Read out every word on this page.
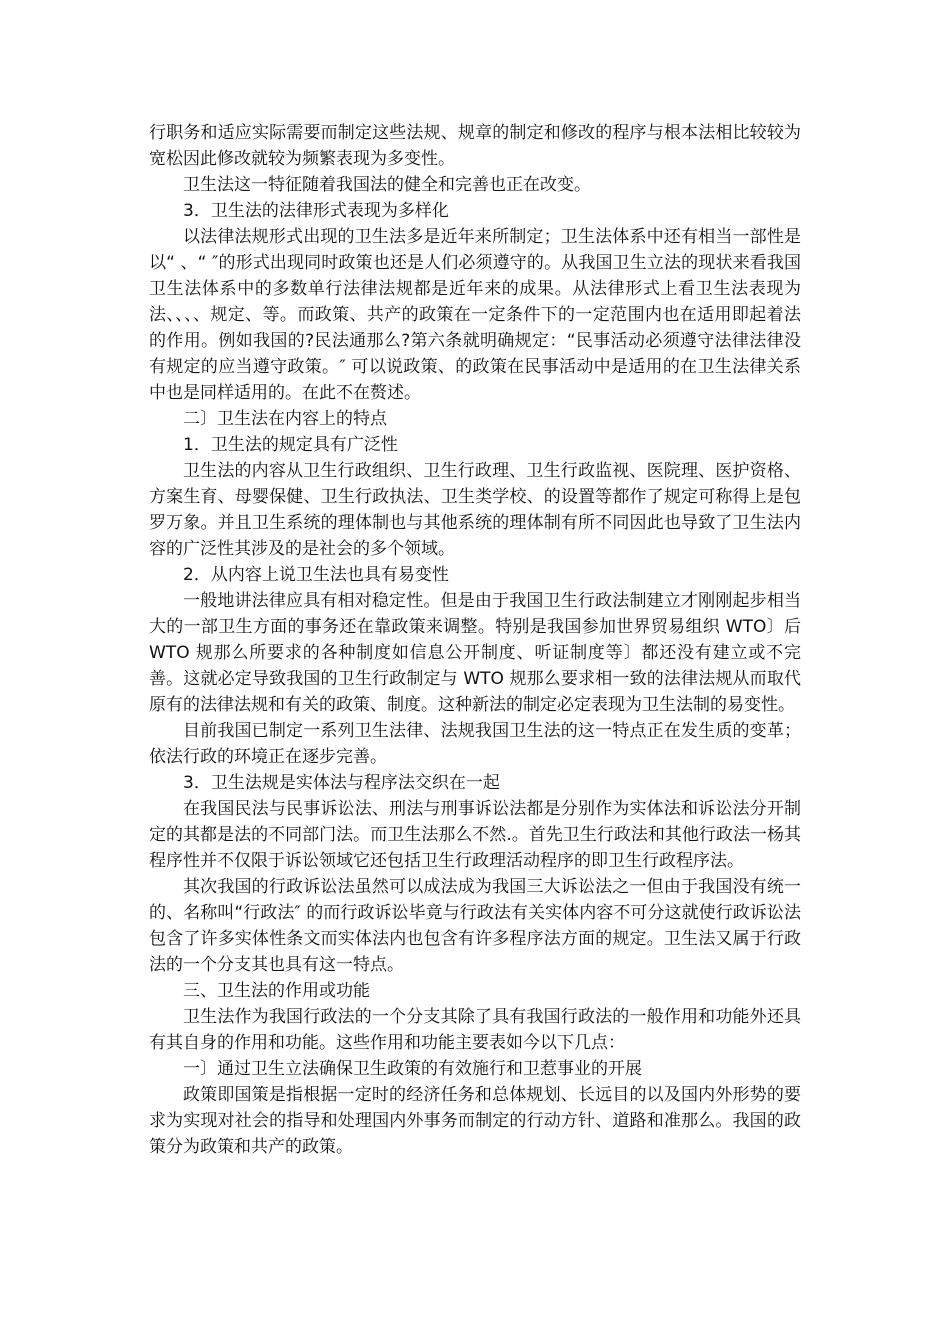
行职务和适应实际需要而制定这些法规、规章的制定和修改的程序与根本法相比较较为宽松因此修改就较为频繁表现为多变性。

卫生法这一特征随着我国法的健全和完善也正在改变。

3．卫生法的法律形式表现为多样化

以法律法规形式出现的卫生法多是近年来所制定；卫生法体系中还有相当一部性是以“ 、“ ″的形式出现同时政策也还是人们必须遵守的。从我国卫生立法的现状来看我国卫生法体系中的多数单行法律法规都是近年来的成果。从法律形式上看卫生法表现为法、、、、规定、等。而政策、共产的政策在一定条件下的一定范围内也在适用即起着法的作用。例如我国的?民法通那么?第六条就明确规定：“民事活动必须遵守法律法律没有规定的应当遵守政策。″ 可以说政策、的政策在民事活动中是适用的在卫生法律关系中也是同样适用的。在此不在赘述。

二〕卫生法在内容上的特点

1．卫生法的规定具有广泛性

卫生法的内容从卫生行政组织、卫生行政理、卫生行政监视、医院理、医护资格、方案生育、母婴保健、卫生行政执法、卫生类学校、的设置等都作了规定可称得上是包罗万象。并且卫生系统的理体制也与其他系统的理体制有所不同因此也导致了卫生法内容的广泛性其涉及的是社会的多个领域。

2．从内容上说卫生法也具有易变性

一般地讲法律应具有相对稳定性。但是由于我国卫生行政法制建立才刚刚起步相当大的一部卫生方面的事务还在靠政策来调整。特别是我国参加世界贸易组织 WTO〕后 WTO 规那么所要求的各种制度如信息公开制度、听证制度等〕都还没有建立或不完善。这就必定导致我国的卫生行政制定与 WTO 规那么要求相一致的法律法规从而取代原有的法律法规和有关的政策、制度。这种新法的制定必定表现为卫生法制的易变性。

目前我国已制定一系列卫生法律、法规我国卫生法的这一特点正在发生质的变革；依法行政的环境正在逐步完善。

3．卫生法规是实体法与程序法交织在一起

在我国民法与民事诉讼法、刑法与刑事诉讼法都是分别作为实体法和诉讼法分开制定的其都是法的不同部门法。而卫生法那么不然.。首先卫生行政法和其他行政法一杨其程序性并不仅限于诉讼领域它还包括卫生行政理活动程序的即卫生行政程序法。

其次我国的行政诉讼法虽然可以成法成为我国三大诉讼法之一但由于我国没有统一的、名称叫“行政法″ 的而行政诉讼毕竟与行政法有关实体内容不可分这就使行政诉讼法包含了许多实体性条文而实体法内也包含有许多程序法方面的规定。卫生法又属于行政法的一个分支其也具有这一特点。

三、卫生法的作用或功能

卫生法作为我国行政法的一个分支其除了具有我国行政法的一般作用和功能外还具有其自身的作用和功能。这些作用和功能主要表如今以下几点：

一〕通过卫生立法确保卫生政策的有效施行和卫惹事业的开展

政策即国策是指根据一定时的经济任务和总体规划、长远目的以及国内外形势的要求为实现对社会的指导和处理国内外事务而制定的行动方针、道路和准那么。我国的政策分为政策和共产的政策。
